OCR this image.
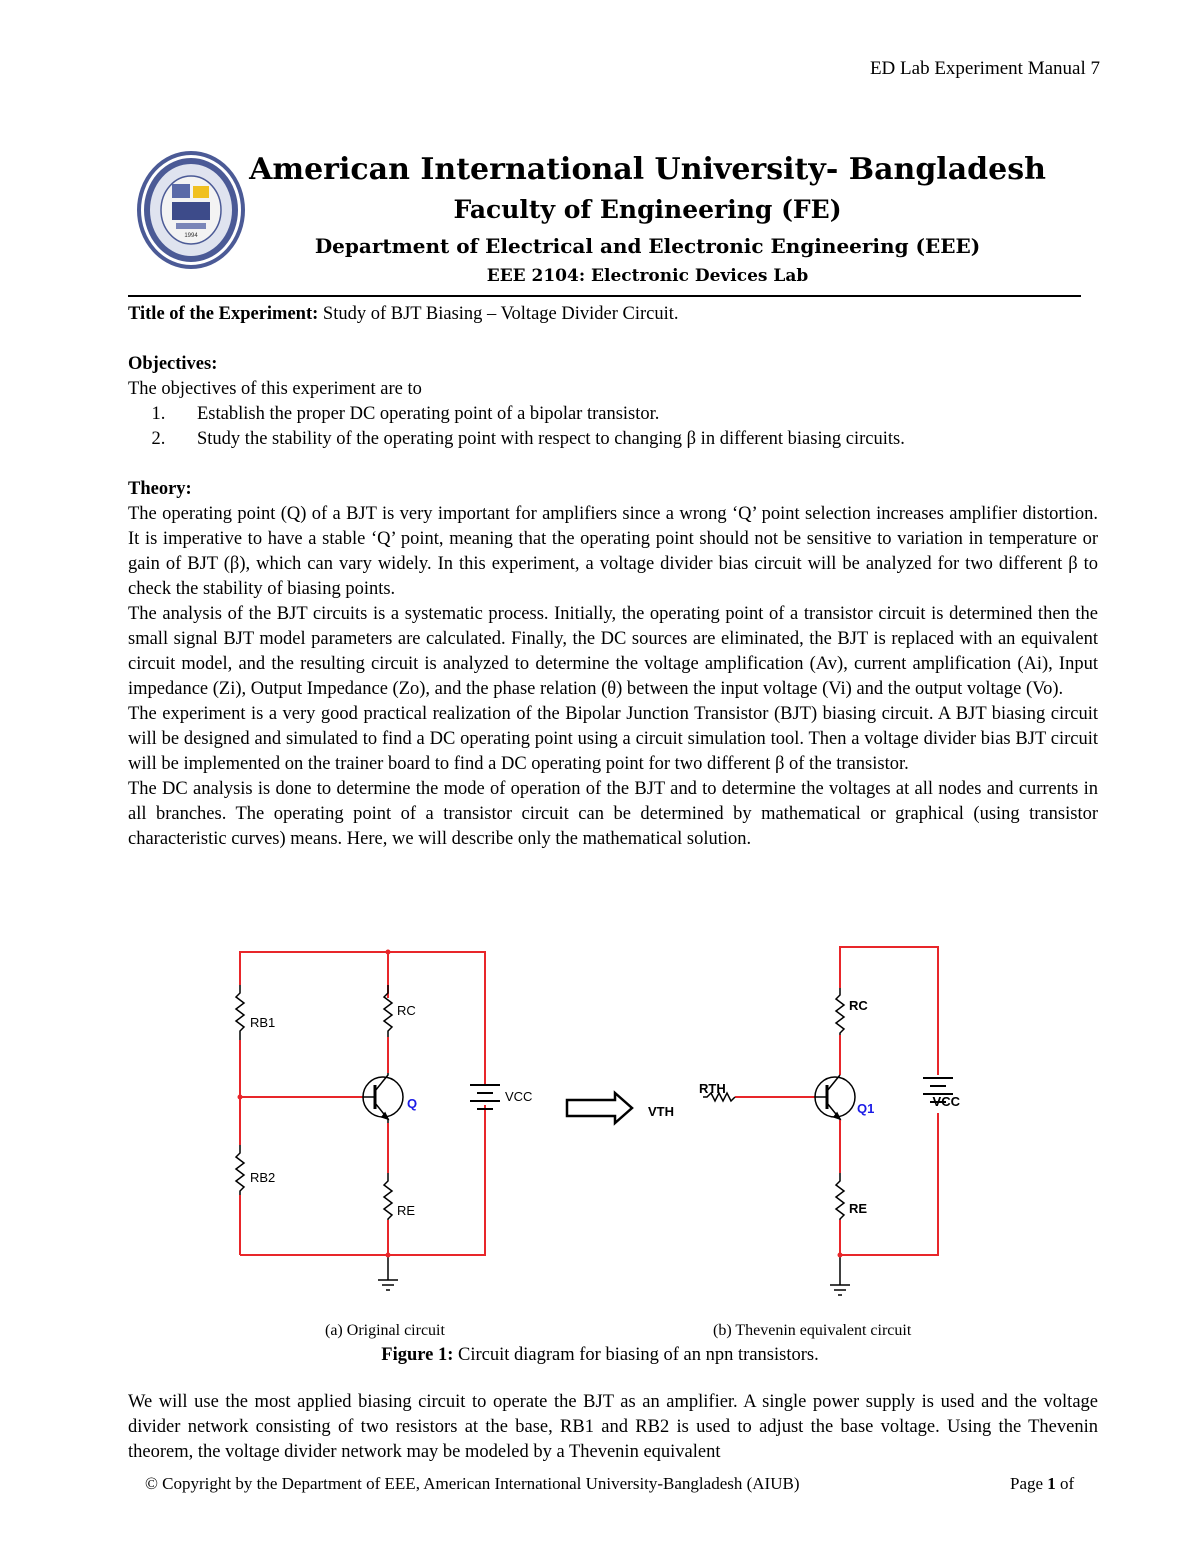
ED Lab Experiment Manual 7
1994
American International University- Bangladesh
Faculty of Engineering (FE)
Department of Electrical and Electronic Engineering (EEE)
EEE 2104: Electronic Devices Lab

Title of the Experiment: Study of BJT Biasing – Voltage Divider Circuit.

Objectives:

The objectives of this experiment are to

1. Establish the proper DC operating point of a bipolar transistor.
2. Study the stability of the operating point with respect to changing β in different biasing circuits.

Theory:

The operating point (Q) of a BJT is very important for amplifiers since a wrong ‘Q’ point selection increases amplifier distortion. It is imperative to have a stable ‘Q’ point, meaning that the operating point should not be sensitive to variation in temperature or gain of BJT (β), which can vary widely. In this experiment, a voltage divider bias circuit will be analyzed for two different β to check the stability of biasing points.

The analysis of the BJT circuits is a systematic process. Initially, the operating point of a transistor circuit is determined then the small signal BJT model parameters are calculated. Finally, the DC sources are eliminated, the BJT is replaced with an equivalent circuit model, and the resulting circuit is analyzed to determine the voltage amplification (Av), current amplification (Ai), Input impedance (Zi), Output Impedance (Zo), and the phase relation (θ) between the input voltage (Vi) and the output voltage (Vo).

The experiment is a very good practical realization of the Bipolar Junction Transistor (BJT) biasing circuit. A BJT biasing circuit will be designed and simulated to find a DC operating point using a circuit simulation tool. Then a voltage divider bias BJT circuit will be implemented on the trainer board to find a DC operating point for two different β of the transistor.

The DC analysis is done to determine the mode of operation of the BJT and to determine the voltages at all nodes and currents in all branches. The operating point of a transistor circuit can be determined by mathematical or graphical (using transistor characteristic curves) means. Here, we will describe only the mathematical solution.

RB1
RB2
RC
RE
Q	VCC
RTH
VTH
RC
RE
Q1	VCC
(a) Original circuit	(b) Thevenin equivalent circuit
Figure 1: Circuit diagram for biasing of an npn transistors.
We will use the most applied biasing circuit to operate the BJT as an amplifier. A single power supply is used and the voltage divider network consisting of two resistors at the base, RB1 and RB2 is used to adjust the base voltage. Using the Thevenin theorem, the voltage divider network may be modeled by a Thevenin equivalent
© Copyright by the Department of EEE, American International University-Bangladesh (AIUB)	Page 1 of
